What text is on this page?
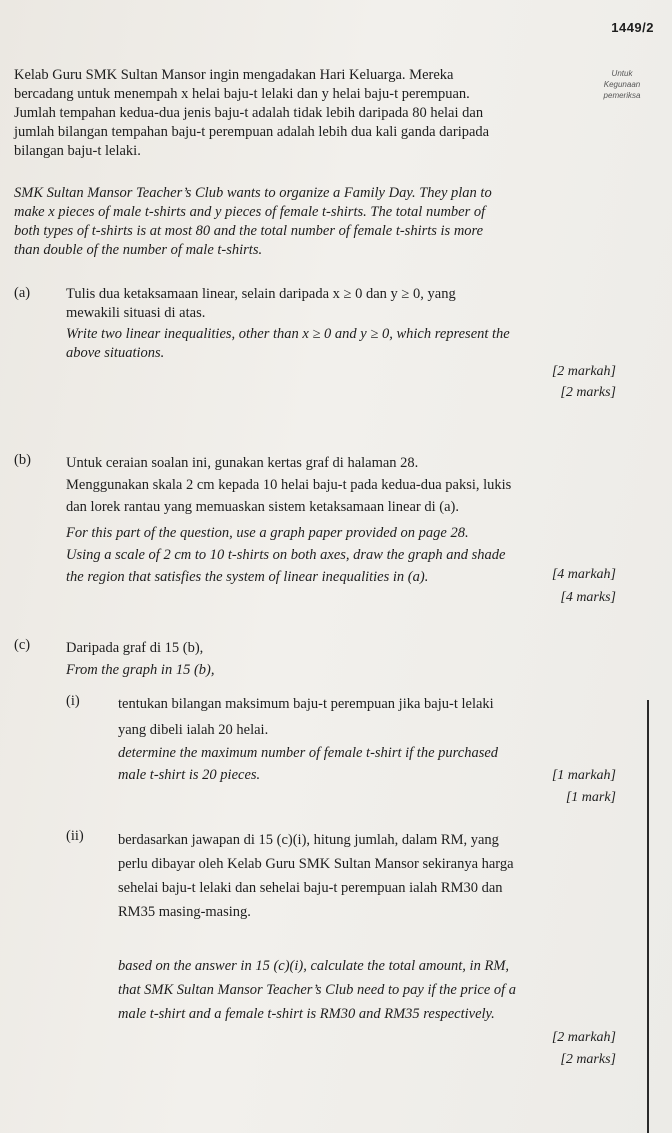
1449/2
Untuk
Kegunaan
pemeriksa

Kelab Guru SMK Sultan Mansor ingin mengadakan Hari Keluarga. Mereka

bercadang untuk menempah x helai baju-t lelaki dan y helai baju-t perempuan.

Jumlah tempahan kedua-dua jenis baju-t adalah tidak lebih daripada 80 helai dan

jumlah bilangan tempahan baju-t perempuan adalah lebih dua kali ganda daripada

bilangan baju-t lelaki.

SMK Sultan Mansor Teacher’s Club wants to organize a Family Day. They plan to

make x pieces of male t-shirts and y pieces of female t-shirts. The total number of

both types of t-shirts is at most 80 and the total number of female t-shirts is more

than double of the number of male t-shirts.

(a) Tulis dua ketaksamaan linear, selain daripada x ≥ 0 dan y ≥ 0, yang

mewakili situasi di atas.

Write two linear inequalities, other than x ≥ 0 and y ≥ 0, which represent the

above situations.

[2 markah]
[2 marks]
(b) Untuk ceraian soalan ini, gunakan kertas graf di halaman 28.

Menggunakan skala 2 cm kepada 10 helai baju-t pada kedua-dua paksi, lukis

dan lorek rantau yang memuaskan sistem ketaksamaan linear di (a).

For this part of the question, use a graph paper provided on page 28.

Using a scale of 2 cm to 10 t-shirts on both axes, draw the graph and shade

the region that satisfies the system of linear inequalities in (a).	[4 markah]
[4 marks]
(c) Daripada graf di 15 (b),

From the graph in 15 (b),

(i)	tentukan bilangan maksimum baju-t perempuan jika baju-t lelaki

yang dibeli ialah 20 helai.

determine the maximum number of female t-shirt if the purchased

male t-shirt is 20 pieces.	[1 markah]
[1 mark]
(ii) berdasarkan jawapan di 15 (c)(i), hitung jumlah, dalam RM, yang

perlu dibayar oleh Kelab Guru SMK Sultan Mansor sekiranya harga

sehelai baju-t lelaki dan sehelai baju-t perempuan ialah RM30 dan

RM35 masing-masing.

based on the answer in 15 (c)(i), calculate the total amount, in RM,

that SMK Sultan Mansor Teacher’s Club need to pay if the price of a

male t-shirt and a female t-shirt is RM30 and RM35 respectively.

[2 markah]
[2 marks]
